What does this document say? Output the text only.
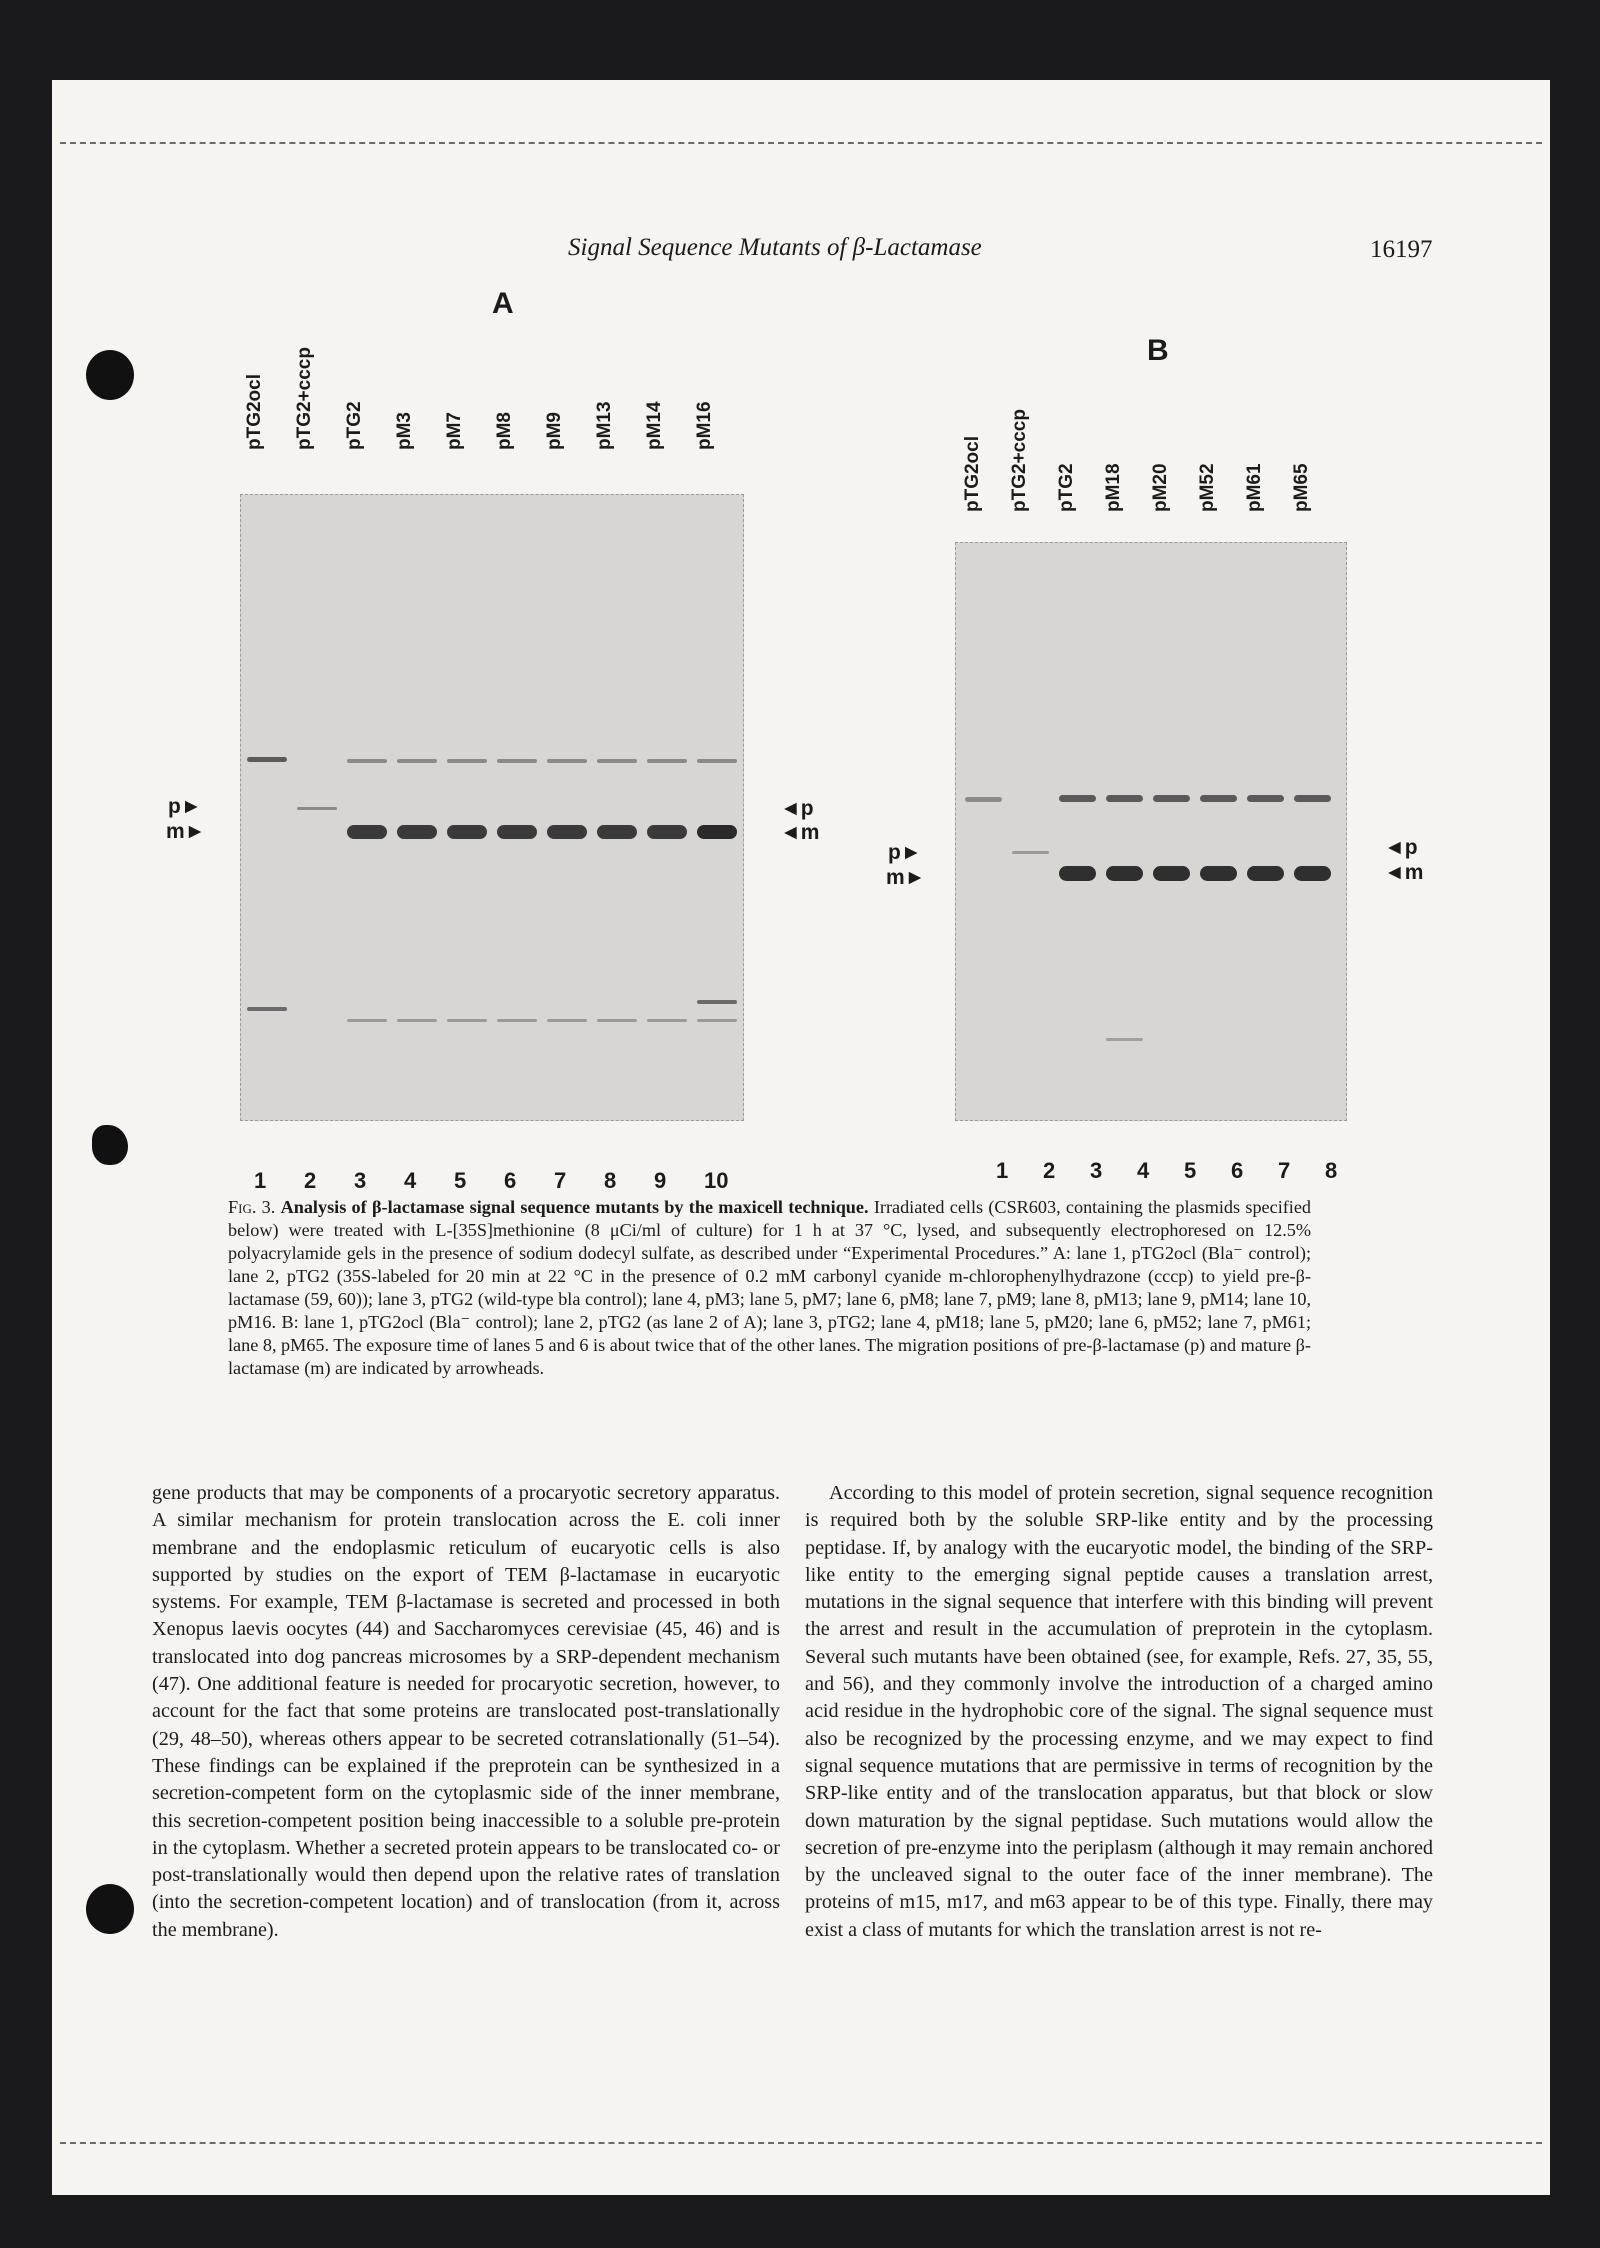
Signal Sequence Mutants of β-Lactamase	16197
A
pTG2ocl pTG2+cccp pTG2 pM3 pM7 pM8 pM9 pM13 pM14 pM16
p►
m►
◄p
◄m
1 2 3 4 5 6 7 8 9 10
B
pTG2ocl pTG2+cccp pTG2 pM18 pM20 pM52 pM61 pM65
p►
m►
◄p
◄m
1 2 3 4 5 6 7 8
Fig. 3. Analysis of β-lactamase signal sequence mutants by the maxicell technique. Irradiated cells (CSR603, containing the plasmids specified below) were treated with L-[35S]methionine (8 μCi/ml of culture) for 1 h at 37 °C, lysed, and subsequently electrophoresed on 12.5% polyacrylamide gels in the presence of sodium dodecyl sulfate, as described under “Experimental Procedures.” A: lane 1, pTG2ocl (Bla⁻ control); lane 2, pTG2 (35S-labeled for 20 min at 22 °C in the presence of 0.2 mM carbonyl cyanide m-chlorophenylhydrazone (cccp) to yield pre-β-lactamase (59, 60)); lane 3, pTG2 (wild-type bla control); lane 4, pM3; lane 5, pM7; lane 6, pM8; lane 7, pM9; lane 8, pM13; lane 9, pM14; lane 10, pM16. B: lane 1, pTG2ocl (Bla⁻ control); lane 2, pTG2 (as lane 2 of A); lane 3, pTG2; lane 4, pM18; lane 5, pM20; lane 6, pM52; lane 7, pM61; lane 8, pM65. The exposure time of lanes 5 and 6 is about twice that of the other lanes. The migration positions of pre-β-lactamase (p) and mature β-lactamase (m) are indicated by arrowheads.
gene products that may be components of a procaryotic secretory apparatus. A similar mechanism for protein translocation across the E. coli inner membrane and the endoplasmic reticulum of eucaryotic cells is also supported by studies on the export of TEM β-lactamase in eucaryotic systems. For example, TEM β-lactamase is secreted and processed in both Xenopus laevis oocytes (44) and Saccharomyces cerevisiae (45, 46) and is translocated into dog pancreas microsomes by a SRP-dependent mechanism (47). One additional feature is needed for procaryotic secretion, however, to account for the fact that some proteins are translocated post-translationally (29, 48–50), whereas others appear to be secreted cotranslationally (51–54). These findings can be explained if the preprotein can be synthesized in a secretion-competent form on the cytoplasmic side of the inner membrane, this secretion-competent position being inaccessible to a soluble pre-protein in the cytoplasm. Whether a secreted protein appears to be translocated co- or post-translationally would then depend upon the relative rates of translation (into the secretion-competent location) and of translocation (from it, across the membrane).
According to this model of protein secretion, signal sequence recognition is required both by the soluble SRP-like entity and by the processing peptidase. If, by analogy with the eucaryotic model, the binding of the SRP-like entity to the emerging signal peptide causes a translation arrest, mutations in the signal sequence that interfere with this binding will prevent the arrest and result in the accumulation of preprotein in the cytoplasm. Several such mutants have been obtained (see, for example, Refs. 27, 35, 55, and 56), and they commonly involve the introduction of a charged amino acid residue in the hydrophobic core of the signal. The signal sequence must also be recognized by the processing enzyme, and we may expect to find signal sequence mutations that are permissive in terms of recognition by the SRP-like entity and of the translocation apparatus, but that block or slow down maturation by the signal peptidase. Such mutations would allow the secretion of pre-enzyme into the periplasm (although it may remain anchored by the uncleaved signal to the outer face of the inner membrane). The proteins of m15, m17, and m63 appear to be of this type. Finally, there may exist a class of mutants for which the translation arrest is not re-
